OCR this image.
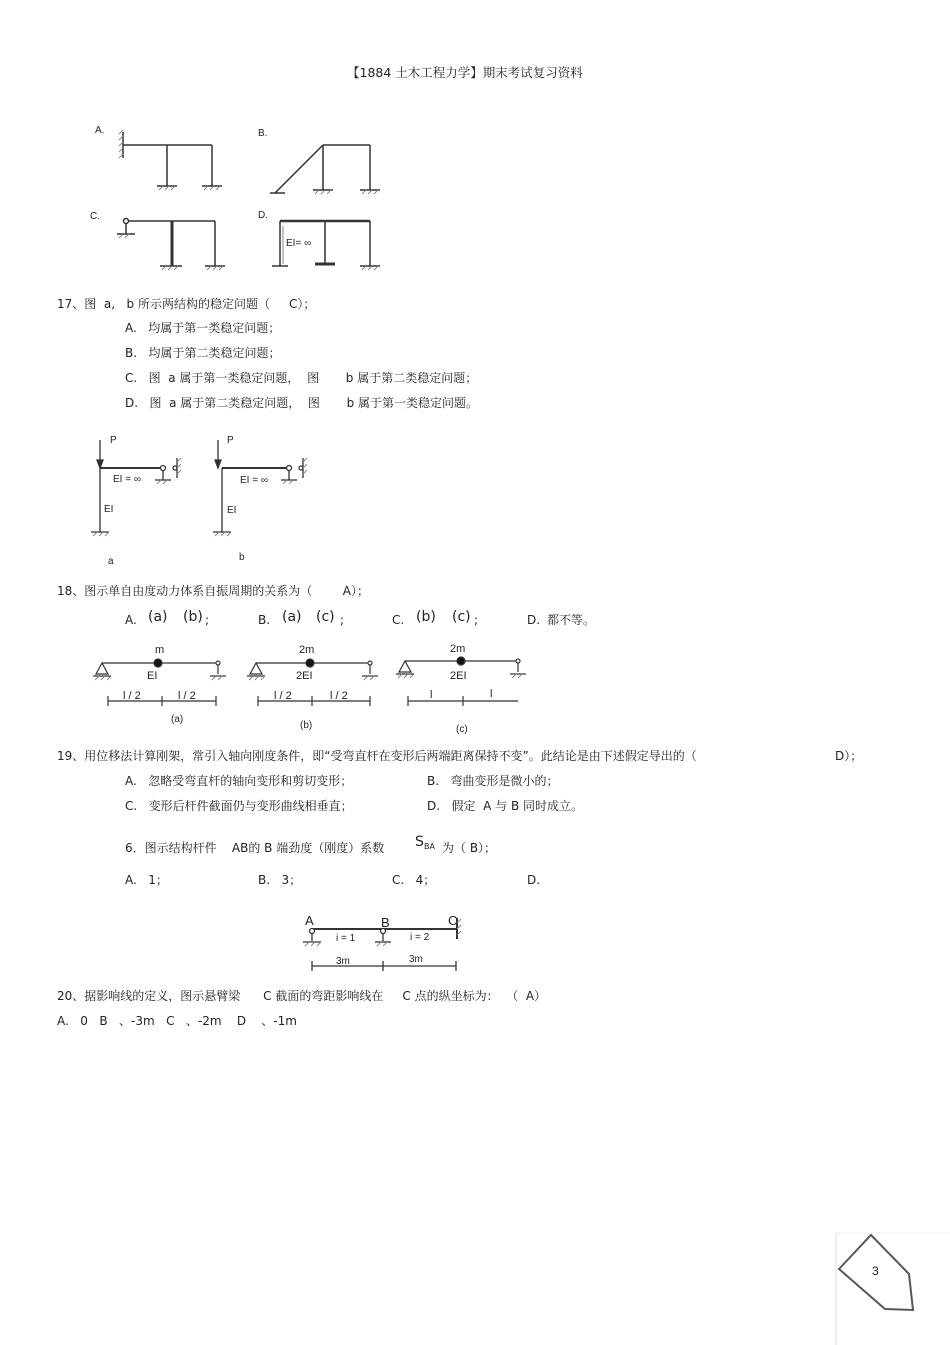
【1884 土木工程力学】期末考试复习资料
A.	B.
C.	D.
EI= ∞
17、图  a,   b 所示两结构的稳定问题（     C）；
A.   均属于第一类稳定问题；
B.   均属于第二类稳定问题；
C.   图  a 属于第一类稳定问题，  图       b 属于第二类稳定问题；
D.   图  a 属于第二类稳定问题，  图       b 属于第一类稳定问题。
P
EI = ∞
EI
a
P
EI = ∞
EI
b
18、图示单自由度动力体系自振周期的关系为（        A）；
A. (a) (b) ;	B. (a) (c) ;	C. (b) (c) ;	D. 都不等。
m
EI
l / 2	l / 2
(a)
2m
2EI
l / 2	l / 2
(b)
2m
2EI
l	l
(c)
19、用位移法计算刚架，常引入轴向刚度条件，即“受弯直杆在变形后两端距离保持不变”。此结论是由下述假定导出的（	D）；
A.   忽略受弯直杆的轴向变形和剪切变形；	B.   弯曲变形是微小的；
C.   变形后杆件截面仍与变形曲线相垂直；	D.   假定  A 与 B 同时成立。
6．图示结构杆件    AB的 B 端劲度（刚度）系数 S BA 为（ B）；
A.   1；	B.   3；	C.   4；	D.
A	B	C
i = 1	i = 2
3m	3m
20、据影响线的定义，图示悬臂梁      C 截面的弯距影响线在     C 点的纵坐标为：  （  A）
A.   0   B   、-3m   C   、-2m    D    、-1m
3
